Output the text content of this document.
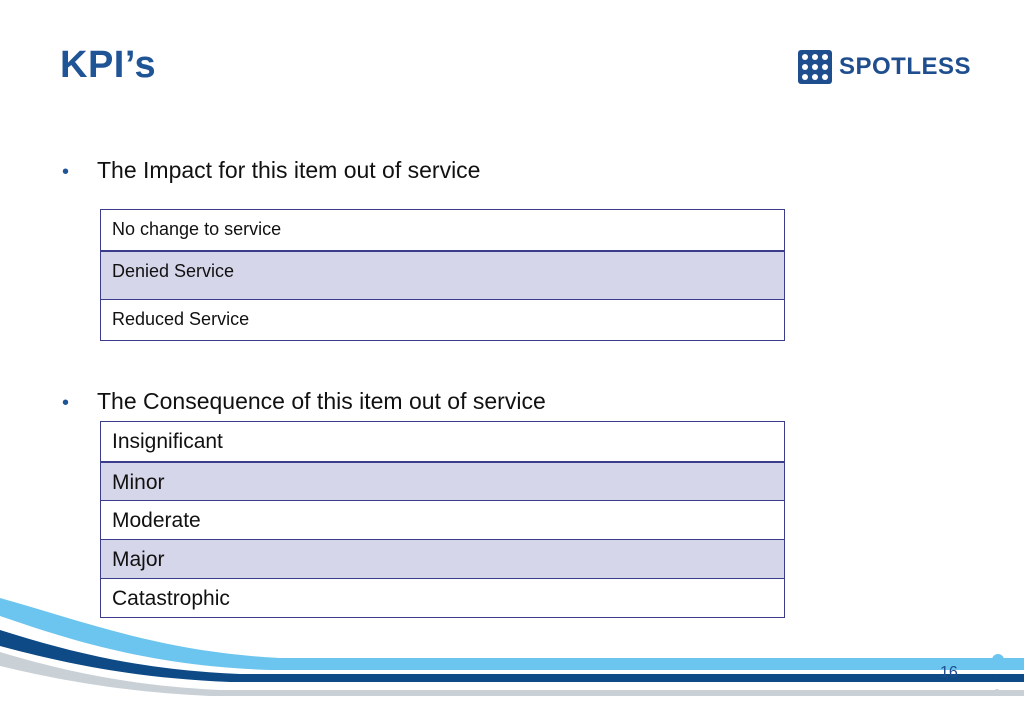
KPI’s	SPOTLESS
•	The Impact for this item out of service
No change to service
Denied Service
Reduced Service
•	The Consequence of this item out of service
Insignificant
Minor
Moderate
Major
Catastrophic
16
